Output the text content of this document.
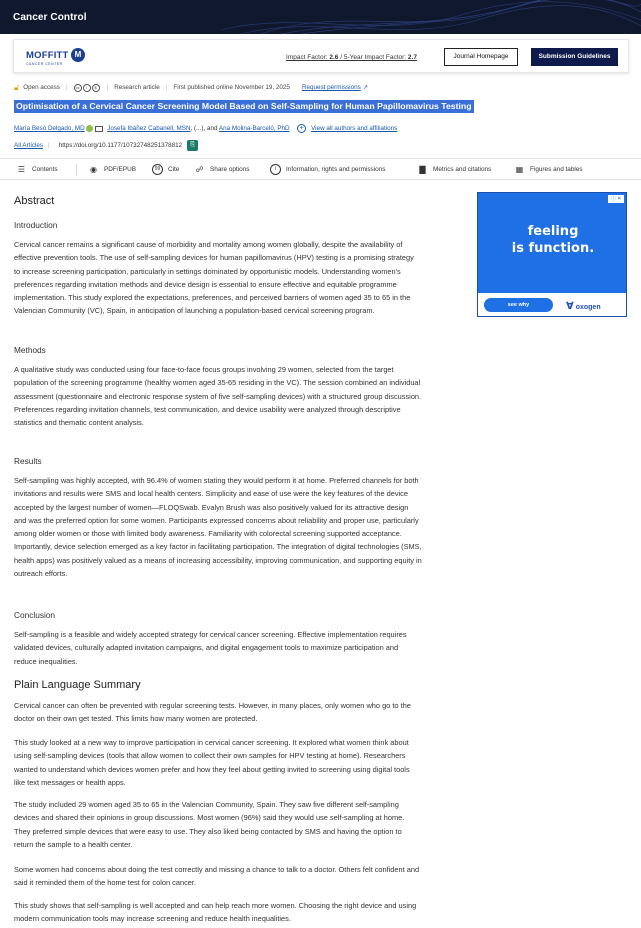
Cancer Control
MOFFITT
CANCER CENTER
M	Impact Factor: 2.6 / 5-Year Impact Factor: 2.7	Journal Homepage	Submission Guidelines
🔓︎ Open access |	cc i $	| Research article | First published online November 19, 2025 Request permissions ↗
Optimisation of a Cervical Cancer Screening Model Based on Self-Sampling for Human Papillomavirus Testing
María Besó Delgado, MD	Josefa Ibáñez Cabanell, MSN, (...), and Ana Molina-Barceló, PhD + View all authors and affiliations
All Articles | https://doi.org/10.1177/10732748251378812	⎘
☰	Contents	◉	PDF/EPUB	99	Cite ☍ Share options	i	Information, rights and permissions	▇	Metrics and citations	▦ Figures and tables
Abstract
Introduction
Cervical cancer remains a significant cause of morbidity and mortality among women globally, despite the availability of effective prevention tools. The use of self-sampling devices for human papillomavirus (HPV) testing is a promising strategy to increase screening participation, particularly in settings dominated by opportunistic models. Understanding women's preferences regarding invitation methods and device design is essential to ensure effective and equitable programme implementation. This study explored the expectations, preferences, and perceived barriers of women aged 35 to 65 in the Valencian Community (VC), Spain, in anticipation of launching a population-based cervical screening program.
Methods
A qualitative study was conducted using four face-to-face focus groups involving 29 women, selected from the target population of the screening programme (healthy women aged 35-65 residing in the VC). The session combined an individual assessment (questionnaire and electronic response system of five self-sampling devices) with a structured group discussion. Preferences regarding invitation channels, test communication, and device usability were analyzed through descriptive statistics and thematic content analysis.
Results
Self-sampling was highly accepted, with 96.4% of women stating they would perform it at home. Preferred channels for both invitations and results were SMS and local health centers. Simplicity and ease of use were the key features of the device accepted by the largest number of women—FLOQSwab. Evalyn Brush was also positively valued for its attractive design and was the preferred option for some women. Participants expressed concerns about reliability and proper use, particularly among older women or those with limited body awareness. Familiarity with colorectal screening supported acceptance. Importantly, device selection emerged as a key factor in facilitating participation. The integration of digital technologies (SMS, health apps) was positively valued as a means of increasing accessibility, improving communication, and supporting equity in outreach efforts.
Conclusion
Self-sampling is a feasible and widely accepted strategy for cervical cancer screening. Effective implementation requires validated devices, culturally adapted invitation campaigns, and digital engagement tools to maximize participation and reduce inequalities.
Plain Language Summary
Cervical cancer can often be prevented with regular screening tests. However, in many places, only women who go to the doctor on their own get tested. This limits how many women are protected.
This study looked at a new way to improve participation in cervical cancer screening. It explored what women think about using self-sampling devices (tools that allow women to collect their own samples for HPV testing at home). Researchers wanted to understand which devices women prefer and how they feel about getting invited to screening using digital tools like text messages or health apps.
The study included 29 women aged 35 to 65 in the Valencian Community, Spain. They saw five different self-sampling devices and shared their opinions in group discussions. Most women (96%) said they would use self-sampling at home. They preferred simple devices that were easy to use. They also liked being contacted by SMS and having the option to return the sample to a health center.
Some women had concerns about doing the test correctly and missing a chance to talk to a doctor. Others felt confident and said it reminded them of the home test for colon cancer.
This study shows that self-sampling is well accepted and can help reach more women. Choosing the right device and using modern communication tools may increase screening and reduce health inequalities.
ⓘ ✕
feeling
is function.
see why	∀ oxogen
